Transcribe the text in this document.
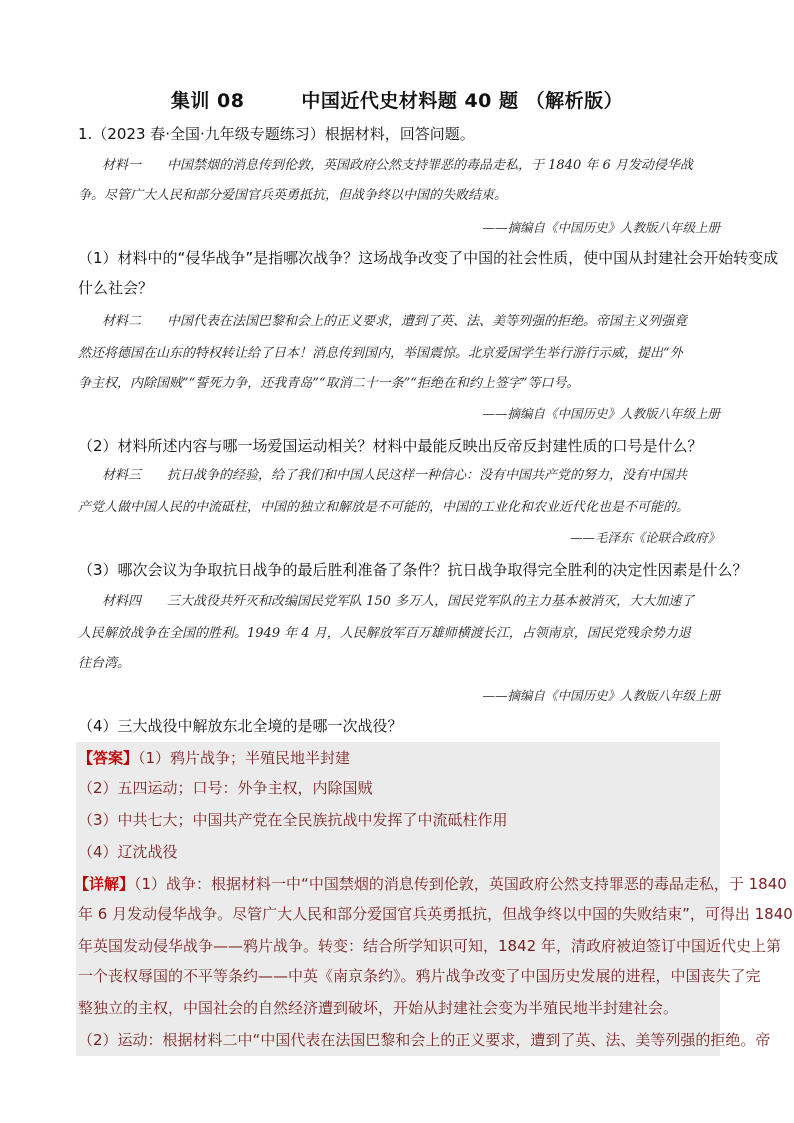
集训 08	中国近代史材料题 40 题 （解析版）
1.（2023 春·全国·九年级专题练习）根据材料，回答问题。
材料一　　中国禁烟的消息传到伦敦，英国政府公然支持罪恶的毒品走私，于 1840 年 6 月发动侵华战
争。尽管广大人民和部分爱国官兵英勇抵抗，但战争终以中国的失败结束。
——摘编自《中国历史》人教版八年级上册
（1）材料中的“侵华战争”是指哪次战争？这场战争改变了中国的社会性质，使中国从封建社会开始转变成
什么社会？
材料二　　中国代表在法国巴黎和会上的正义要求，遭到了英、法、美等列强的拒绝。帝国主义列强竟
然还将德国在山东的特权转让给了日本！消息传到国内，举国震惊。北京爱国学生举行游行示威，提出“外
争主权，内除国贼”“誓死力争，还我青岛”“取消二十一条”“拒绝在和约上签字”等口号。
——摘编自《中国历史》人教版八年级上册
（2）材料所述内容与哪一场爱国运动相关？材料中最能反映出反帝反封建性质的口号是什么？
材料三　　抗日战争的经验，给了我们和中国人民这样一种信心：没有中国共产党的努力，没有中国共
产党人做中国人民的中流砥柱，中国的独立和解放是不可能的，中国的工业化和农业近代化也是不可能的。
——毛泽东《论联合政府》
（3）哪次会议为争取抗日战争的最后胜利准备了条件？抗日战争取得完全胜利的决定性因素是什么？
材料四　　三大战役共歼灭和改编国民党军队 150 多万人，国民党军队的主力基本被消灭，大大加速了
人民解放战争在全国的胜利。1949 年 4 月，人民解放军百万雄师横渡长江，占领南京，国民党残余势力退
往台湾。
——摘编自《中国历史》人教版八年级上册
（4）三大战役中解放东北全境的是哪一次战役？
【答案】（1）鸦片战争；半殖民地半封建
（2）五四运动；口号：外争主权，内除国贼
（3）中共七大；中国共产党在全民族抗战中发挥了中流砥柱作用
（4）辽沈战役
【详解】（1）战争：根据材料一中“中国禁烟的消息传到伦敦，英国政府公然支持罪恶的毒品走私，于 1840
年 6 月发动侵华战争。尽管广大人民和部分爱国官兵英勇抵抗，但战争终以中国的失败结束”，可得出 1840
年英国发动侵华战争——鸦片战争。转变：结合所学知识可知，1842 年，清政府被迫签订中国近代史上第
一个丧权辱国的不平等条约——中英《南京条约》。鸦片战争改变了中国历史发展的进程，中国丧失了完
整独立的主权，中国社会的自然经济遭到破坏，开始从封建社会变为半殖民地半封建社会。
（2）运动：根据材料二中“中国代表在法国巴黎和会上的正义要求，遭到了英、法、美等列强的拒绝。帝
